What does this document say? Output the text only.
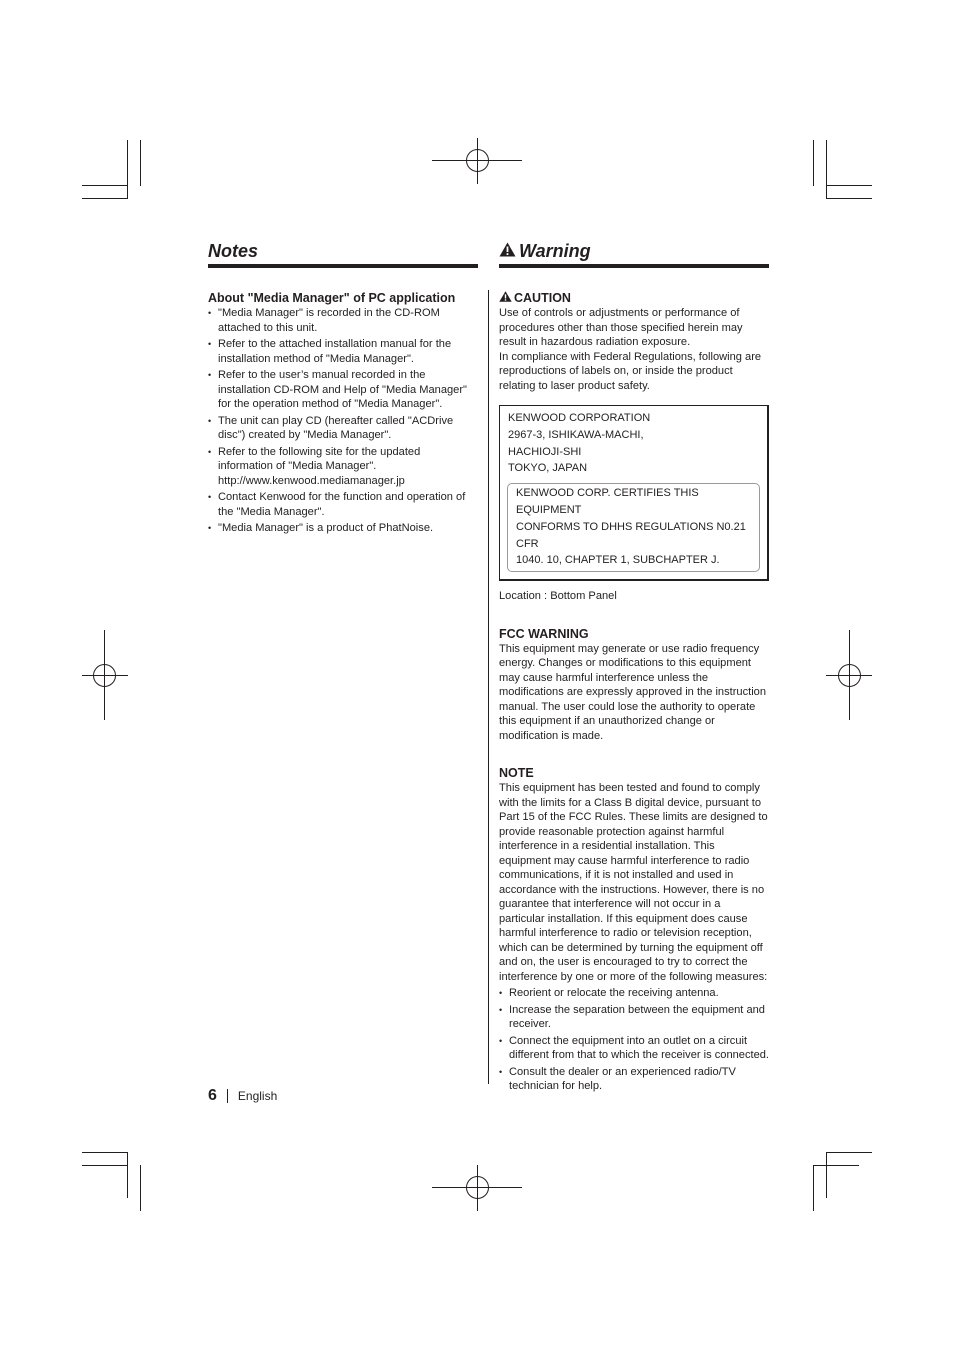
Notes
About "Media Manager" of PC application
• "Media Manager" is recorded in the CD-ROM attached to this unit.
• Refer to the attached installation manual for the installation method of "Media Manager".
• Refer to the user’s manual recorded in the installation CD-ROM and Help of "Media Manager" for the operation method of "Media Manager".
• The unit can play CD (hereafter called "ACDrive disc") created by "Media Manager".
• Refer to the following site for the updated information of "Media Manager".
http://www.kenwood.mediamanager.jp
• Contact Kenwood for the function and operation of the "Media Manager".
• "Media Manager" is a product of PhatNoise.
Warning
CAUTION
Use of controls or adjustments or performance of procedures other than those specified herein may result in hazardous radiation exposure.
In compliance with Federal Regulations, following are reproductions of labels on, or inside the product relating to laser product safety.
KENWOOD CORPORATION
2967-3, ISHIKAWA-MACHI,
HACHIOJI-SHI
TOKYO, JAPAN
KENWOOD CORP. CERTIFIES THIS EQUIPMENT
CONFORMS TO DHHS REGULATIONS N0.21 CFR
1040. 10, CHAPTER 1, SUBCHAPTER J.
Location : Bottom Panel
FCC WARNING
This equipment may generate or use radio frequency energy. Changes or modifications to this equipment may cause harmful interference unless the modifications are expressly approved in the instruction manual. The user could lose the authority to operate this equipment if an unauthorized change or modification is made.
NOTE
This equipment has been tested and found to comply with the limits for a Class B digital device, pursuant to Part 15 of the FCC Rules. These limits are designed to provide reasonable protection against harmful interference in a residential installation. This equipment may cause harmful interference to radio communications, if it is not installed and used in accordance with the instructions. However, there is no guarantee that interference will not occur in a particular installation. If this equipment does cause harmful interference to radio or television reception, which can be determined by turning the equipment off and on, the user is encouraged to try to correct the interference by one or more of the following measures:
• Reorient or relocate the receiving antenna.
• Increase the separation between the equipment and receiver.
• Connect the equipment into an outlet on a circuit different from that to which the receiver is connected.
• Consult the dealer or an experienced radio/TV technician for help.
6 English
